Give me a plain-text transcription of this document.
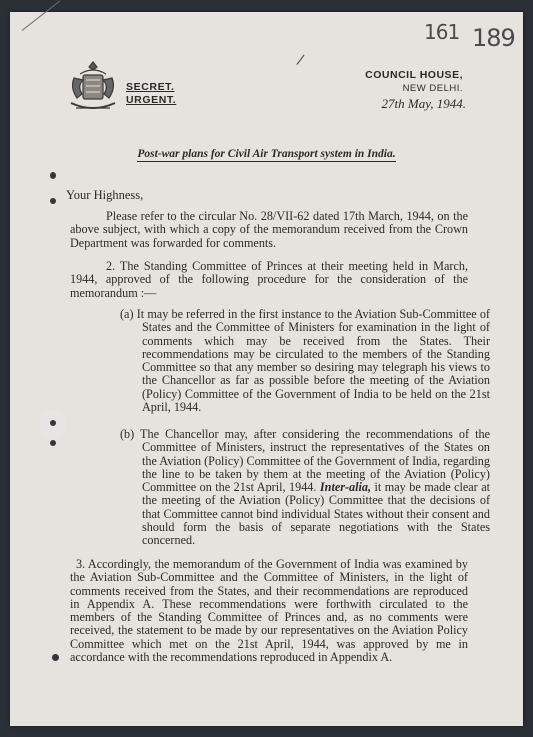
SECRET.
URGENT.
/
COUNCIL HOUSE,
NEW DELHI.
27th May, 1944.
161 189
Post-war plans for Civil Air Transport system in India.
Your Highness,
Please refer to the circular No. 28/VII-62 dated 17th March, 1944, on the above subject, with which a copy of the memorandum received from the Crown Department was forwarded for comments.
2. The Standing Committee of Princes at their meeting held in March, 1944, approved of the following procedure for the consideration of the memorandum :—
(a) It may be referred in the first instance to the Aviation Sub-Committee of States and the Committee of Ministers for examination in the light of comments which may be received from the States. Their recommendations may be circulated to the members of the Standing Committee so that any member so desiring may telegraph his views to the Chancellor as far as possible before the meeting of the Aviation (Policy) Committee of the Government of India to be held on the 21st April, 1944.
(b) The Chancellor may, after considering the recommendations of the Committee of Ministers, instruct the representatives of the States on the Aviation (Policy) Committee of the Government of India, regarding the line to be taken by them at the meeting of the Aviation (Policy) Committee on the 21st April, 1944. Inter-alia, it may be made clear at the meeting of the Aviation (Policy) Committee that the decisions of that Committee cannot bind individual States without their consent and should form the basis of separate negotiations with the States concerned.
3. Accordingly, the memorandum of the Government of India was examined by the Aviation Sub-Committee and the Committee of Ministers, in the light of comments received from the States, and their recommendations are reproduced in Appendix A. These recommendations were forthwith circulated to the members of the Standing Committee of Princes and, as no comments were received, the statement to be made by our representatives on the Aviation Policy Committee which met on the 21st April, 1944, was approved by me in accordance with the recommendations reproduced in Appendix A.
